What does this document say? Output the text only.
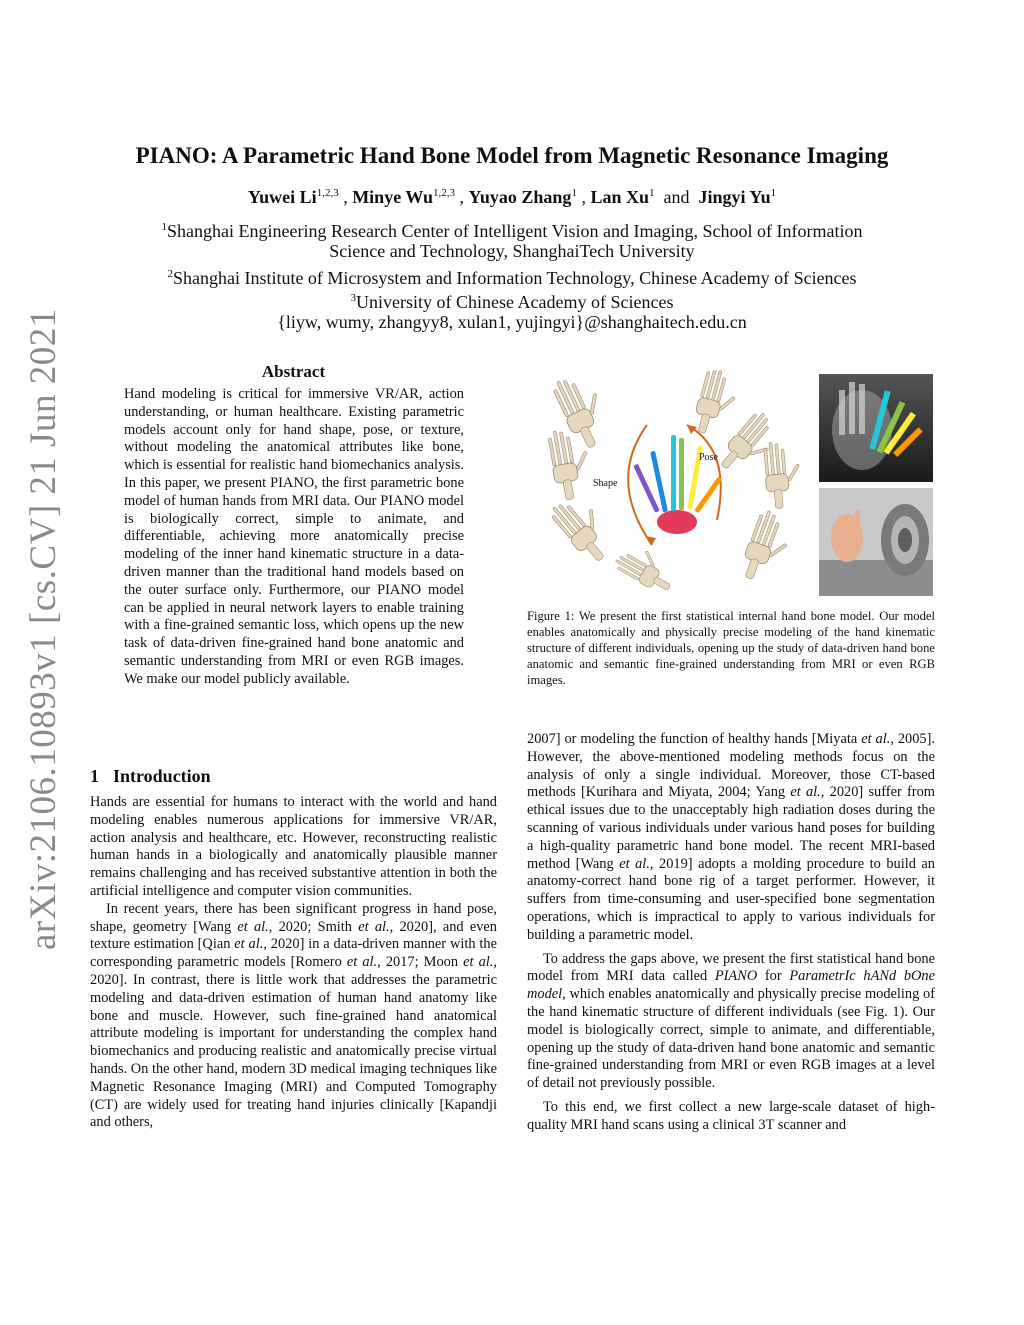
arXiv:2106.10893v1 [cs.CV] 21 Jun 2021
PIANO: A Parametric Hand Bone Model from Magnetic Resonance Imaging
Yuwei Li$^{1,2,3}$ , Minye Wu$^{1,2,3}$ , Yuyao Zhang$^1$ , Lan Xu$^1$ and Jingyi Yu$^1$
$^1$Shanghai Engineering Research Center of Intelligent Vision and Imaging, School of Information
Science and Technology, ShanghaiTech University
$^2$Shanghai Institute of Microsystem and Information Technology, Chinese Academy of Sciences
$^3$University of Chinese Academy of Sciences
{liyw, wumy, zhangyy8, xulan1, yujingyi}@shanghaitech.edu.cn
Abstract

Hand modeling is critical for immersive VR/AR, action understanding, or human healthcare. Existing parametric models account only for hand shape, pose, or texture, without modeling the anatomical attributes like bone, which is essential for realistic hand biomechanics analysis. In this paper, we present PIANO, the first parametric bone model of human hands from MRI data. Our PIANO model is biologically correct, simple to animate, and differentiable, achieving more anatomically precise modeling of the inner hand kinematic structure in a data-driven manner than the traditional hand models based on the outer surface only. Furthermore, our PIANO model can be applied in neural network layers to enable training with a fine-grained semantic loss, which opens up the new task of data-driven fine-grained hand bone anatomic and semantic understanding from MRI or even RGB images. We make our model publicly available.

1 Introduction

Hands are essential for humans to interact with the world and hand modeling enables numerous applications for immersive VR/AR, action analysis and healthcare, etc. However, reconstructing realistic human hands in a biologically and anatomically plausible manner remains challenging and has received substantive attention in both the artificial intelligence and computer vision communities.

In recent years, there has been significant progress in hand pose, shape, geometry [Wang et al., 2020; Smith et al., 2020], and even texture estimation [Qian et al., 2020] in a data-driven manner with the corresponding parametric models [Romero et al., 2017; Moon et al., 2020]. In contrast, there is little work that addresses the parametric modeling and data-driven estimation of human hand anatomy like bone and muscle. However, such fine-grained hand anatomical attribute modeling is important for understanding the complex hand biomechanics and producing realistic and anatomically precise virtual hands. On the other hand, modern 3D medical imaging techniques like Magnetic Resonance Imaging (MRI) and Computed Tomography (CT) are widely used for treating hand injuries clinically [Kapandji and others,

Shape
Pose
Figure 1: We present the first statistical internal hand bone model. Our model enables anatomically and physically precise modeling of the hand kinematic structure of different individuals, opening up the study of data-driven hand bone anatomic and semantic fine-grained understanding from MRI or even RGB images.

2007] or modeling the function of healthy hands [Miyata et al., 2005]. However, the above-mentioned modeling methods focus on the analysis of only a single individual. Moreover, those CT-based methods [Kurihara and Miyata, 2004; Yang et al., 2020] suffer from ethical issues due to the unacceptably high radiation doses during the scanning of various individuals under various hand poses for building a high-quality parametric hand bone model. The recent MRI-based method [Wang et al., 2019] adopts a molding procedure to build an anatomy-correct hand bone rig of a target performer. However, it suffers from time-consuming and user-specified bone segmentation operations, which is impractical to apply to various individuals for building a parametric model.

To address the gaps above, we present the first statistical hand bone model from MRI data called PIANO for ParametrIc hANd bOne model, which enables anatomically and physically precise modeling of the hand kinematic structure of different individuals (see Fig. 1). Our model is biologically correct, simple to animate, and differentiable, opening up the study of data-driven hand bone anatomic and semantic fine-grained understanding from MRI or even RGB images at a level of detail not previously possible.

To this end, we first collect a new large-scale dataset of high-quality MRI hand scans using a clinical 3T scanner and
